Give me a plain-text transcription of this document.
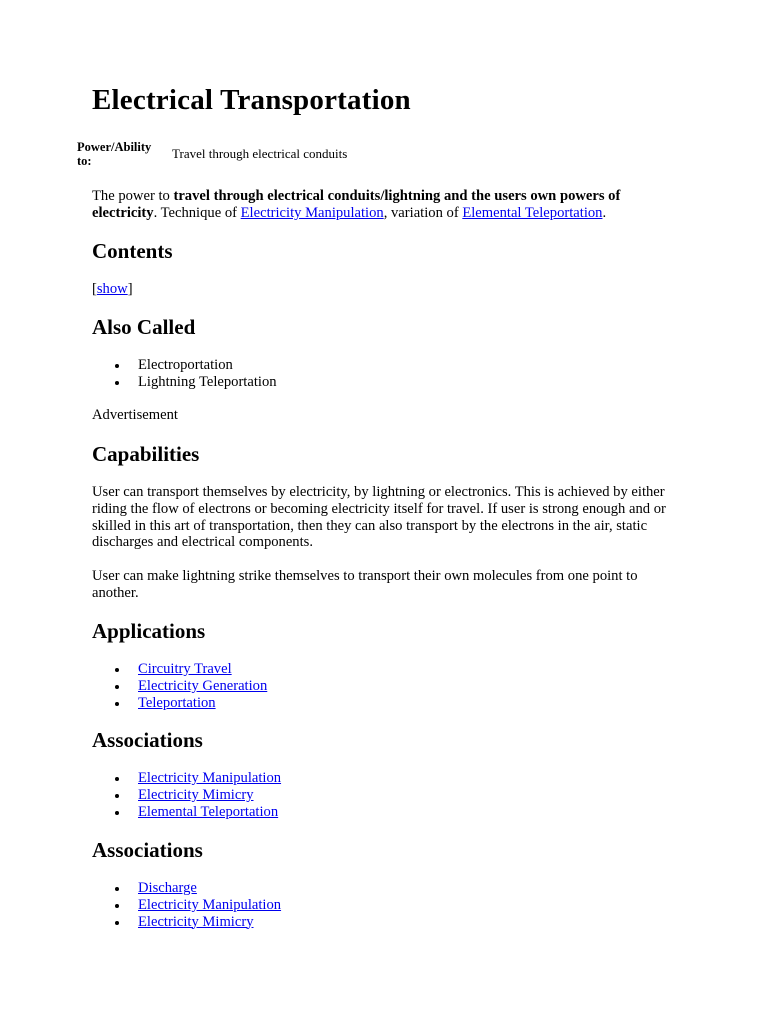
Electrical Transportation
Power/Ability to:	Travel through electrical conduits
The power to travel through electrical conduits/lightning and the users own powers of electricity. Technique of Electricity Manipulation, variation of Elemental Teleportation.
Contents
[show]
Also Called
Electroportation
Lightning Teleportation
Advertisement
Capabilities
User can transport themselves by electricity, by lightning or electronics. This is achieved by either riding the flow of electrons or becoming electricity itself for travel. If user is strong enough and or skilled in this art of transportation, then they can also transport by the electrons in the air, static discharges and electrical components.
User can make lightning strike themselves to transport their own molecules from one point to another.
Applications
Circuitry Travel
Electricity Generation
Teleportation
Associations
Electricity Manipulation
Electricity Mimicry
Elemental Teleportation
Associations
Discharge
Electricity Manipulation
Electricity Mimicry
